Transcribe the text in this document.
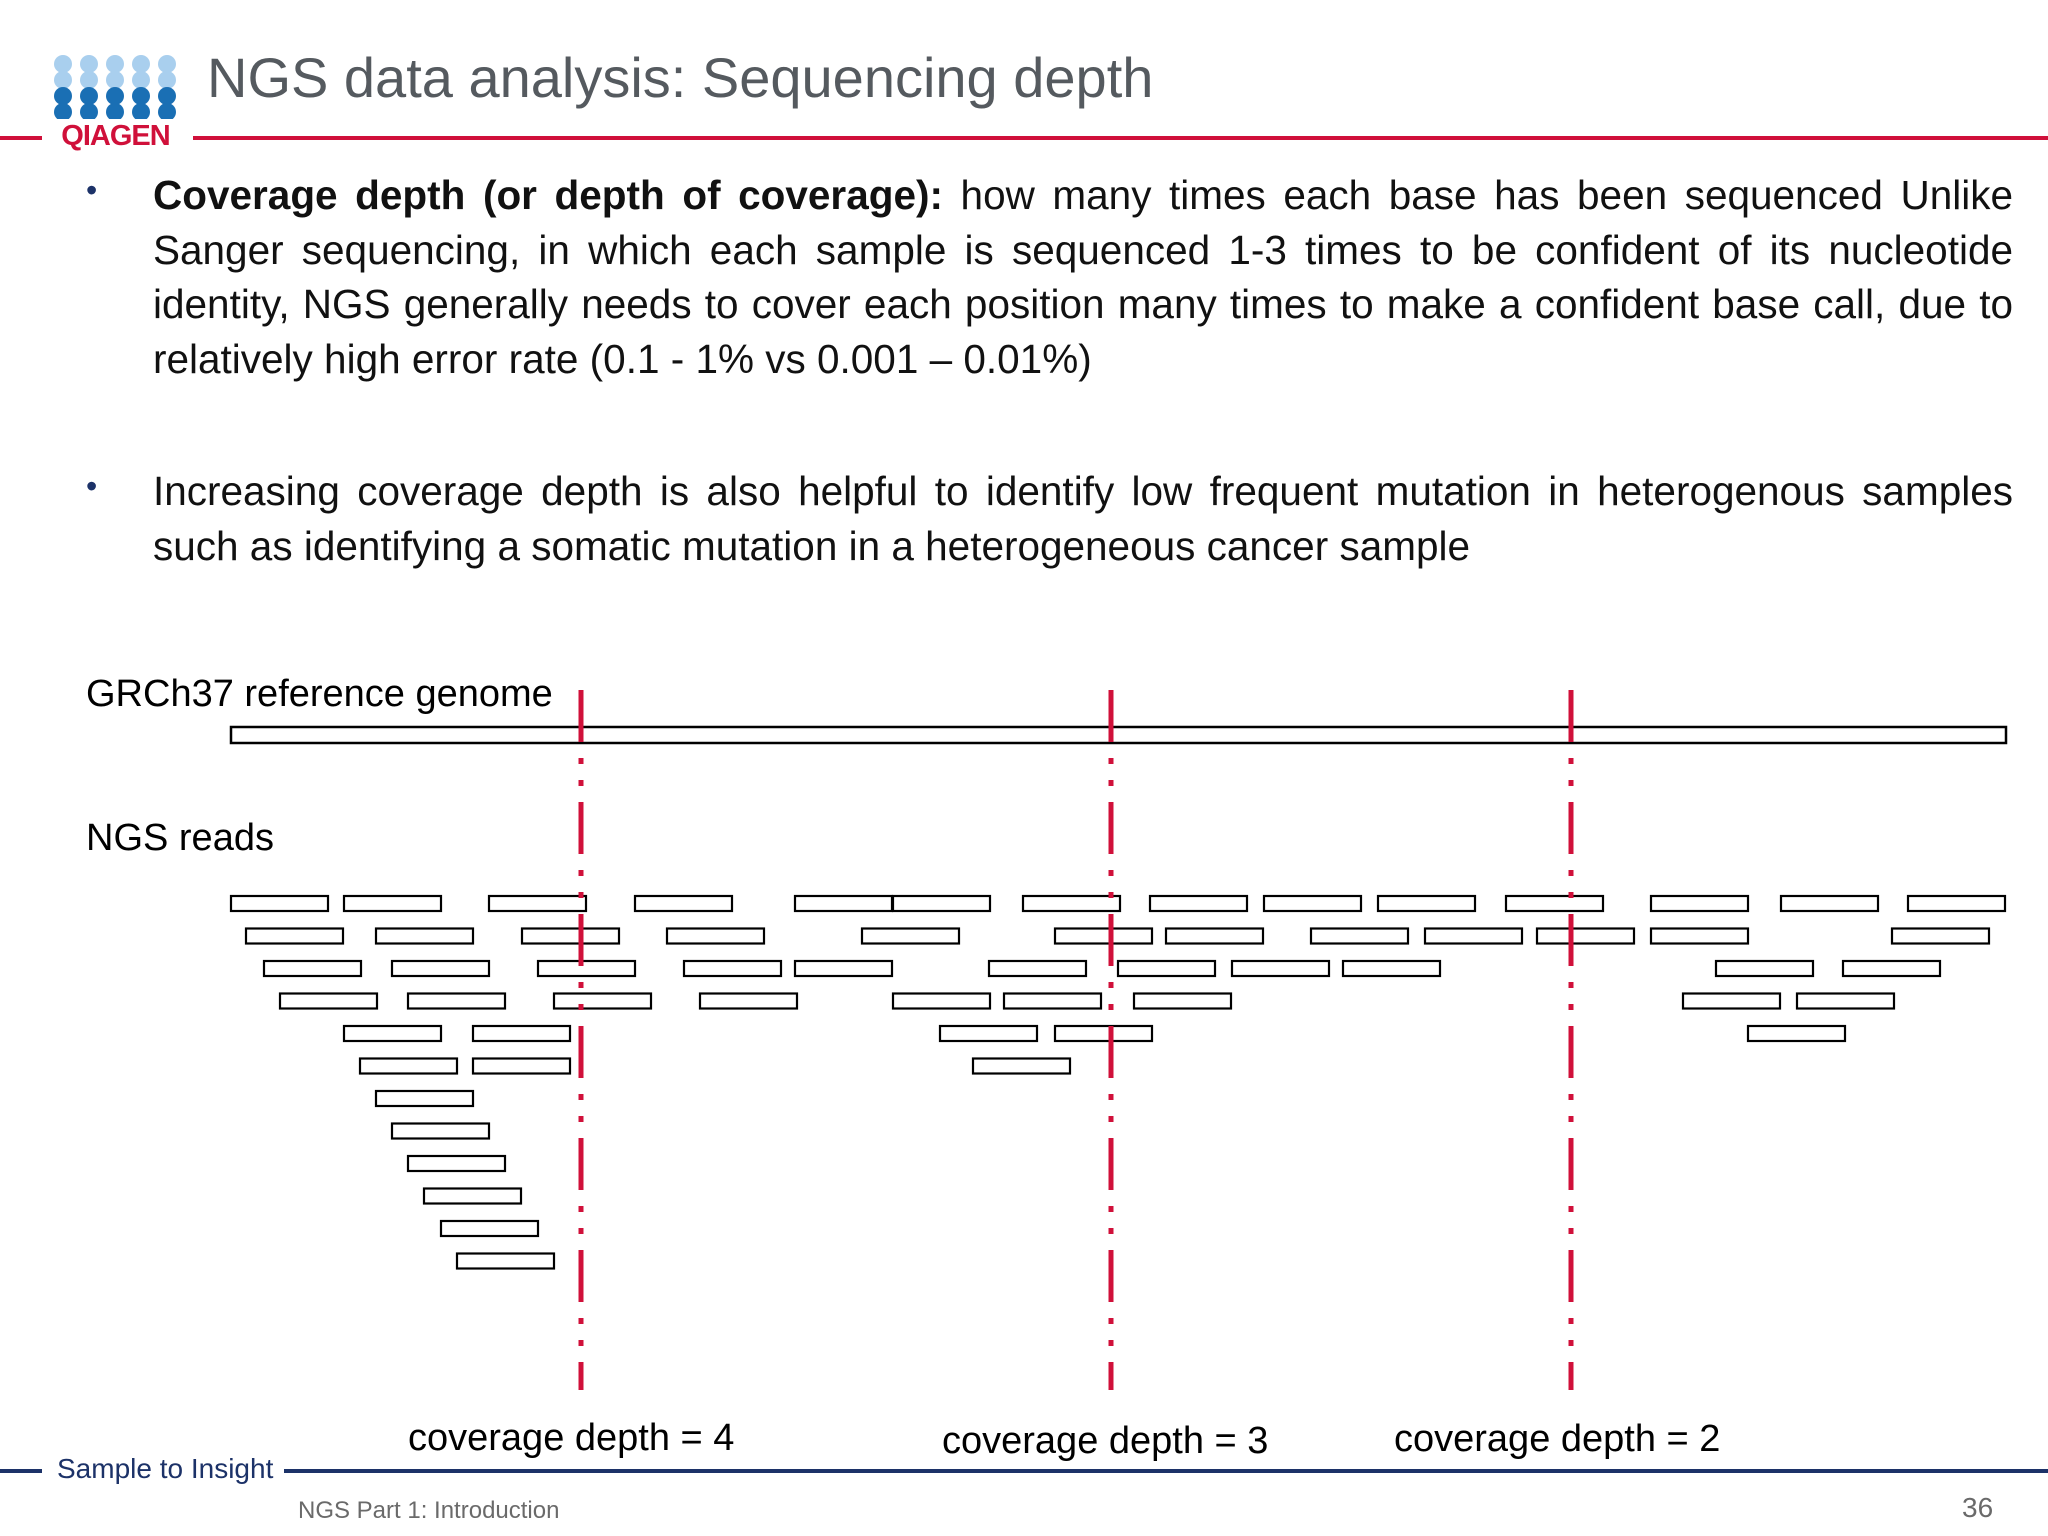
QIAGEN
NGS data analysis: Sequencing depth
• Coverage depth (or depth of coverage): how many times each base has been sequenced Unlike Sanger sequencing, in which each sample is sequenced 1-3 times to be confident of its nucleotide identity, NGS generally needs to cover each position many times to make a confident base call, due to relatively high error rate (0.1 - 1% vs 0.001 – 0.01%)
• Increasing coverage depth is also helpful to identify low frequent mutation in heterogenous samples such as identifying a somatic mutation in a heterogeneous cancer sample
GRCh37 reference genome
NGS reads
coverage depth = 4	coverage depth = 3	coverage depth = 2
Sample to Insight
NGS Part 1: Introduction	36
